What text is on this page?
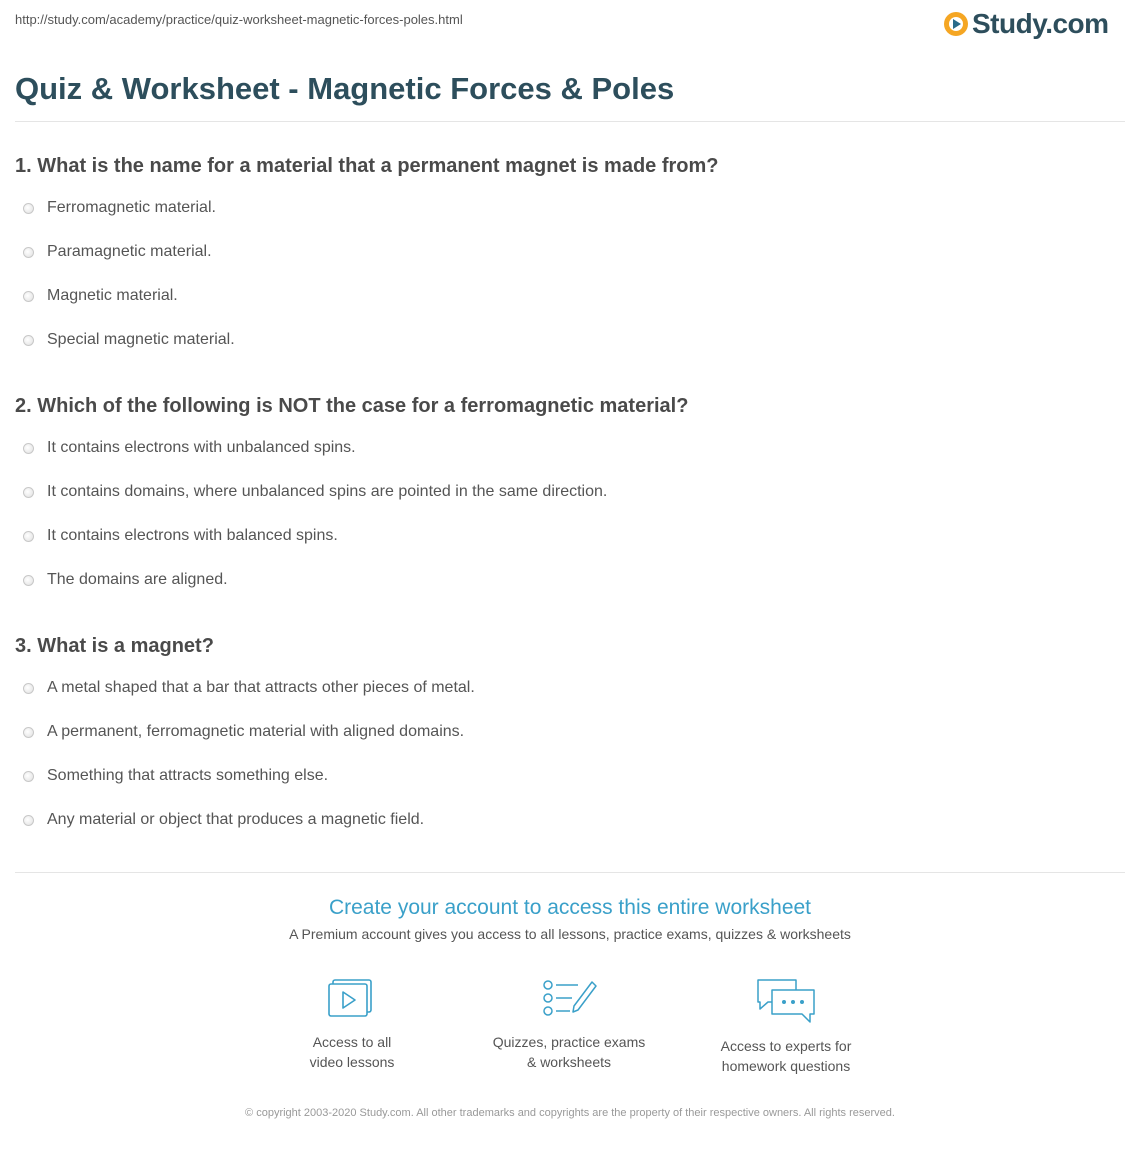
http://study.com/academy/practice/quiz-worksheet-magnetic-forces-poles.html	Study.com
Quiz & Worksheet - Magnetic Forces & Poles
1. What is the name for a material that a permanent magnet is made from?
Ferromagnetic material.
Paramagnetic material.
Magnetic material.
Special magnetic material.
2. Which of the following is NOT the case for a ferromagnetic material?
It contains electrons with unbalanced spins.
It contains domains, where unbalanced spins are pointed in the same direction.
It contains electrons with balanced spins.
The domains are aligned.
3. What is a magnet?
A metal shaped that a bar that attracts other pieces of metal.
A permanent, ferromagnetic material with aligned domains.
Something that attracts something else.
Any material or object that produces a magnetic field.
Create your account to access this entire worksheet
A Premium account gives you access to all lessons, practice exams, quizzes & worksheets
Access to all
video lessons
Quizzes, practice exams
& worksheets
Access to experts for
homework questions
© copyright 2003-2020 Study.com. All other trademarks and copyrights are the property of their respective owners. All rights reserved.
